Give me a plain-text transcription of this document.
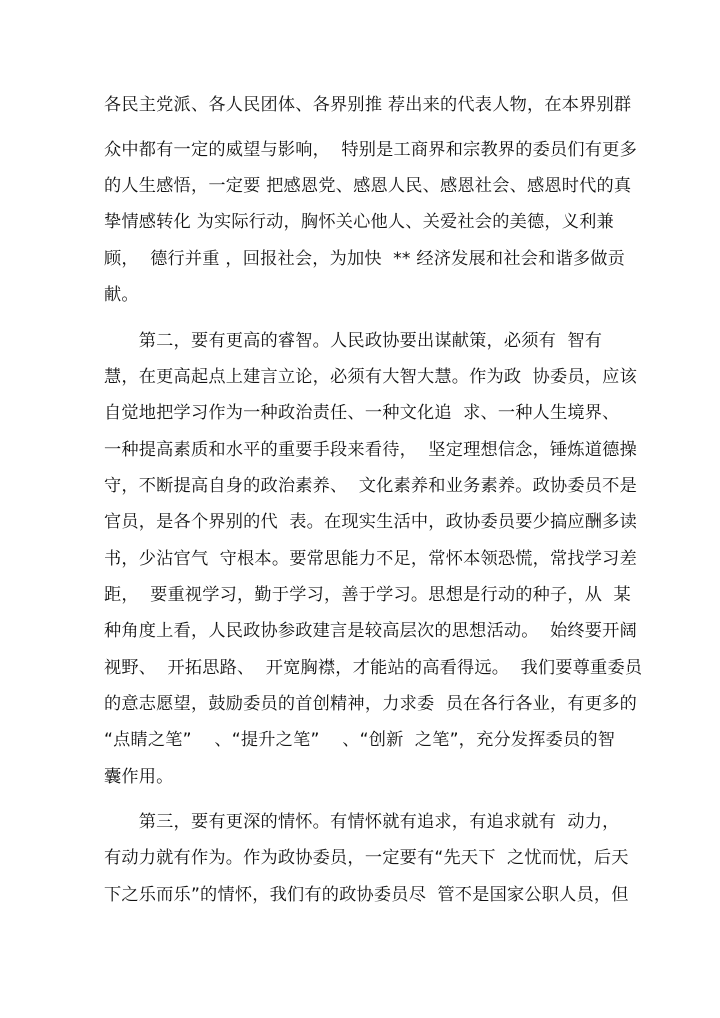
各民主党派、各人民团体、各界别推 荐出来的代表人物，在本界别群
众中都有一定的威望与影响，  特别是工商界和宗教界的委员们有更多
的人生感悟，一定要 把感恩党、感恩人民、感恩社会、感恩时代的真
挚情感转化 为实际行动，胸怀关心他人、关爱社会的美德，义利兼
顾，  德行并重 ，回报社会，为加快  ** 经济发展和社会和谐多做贡
献。
　　第二，要有更高的睿智。人民政协要出谋献策，必须有  智有
慧，在更高起点上建言立论，必须有大智大慧。作为政  协委员，应该
自觉地把学习作为一种政治责任、一种文化追  求、一种人生境界、
一种提高素质和水平的重要手段来看待，  坚定理想信念，锤炼道德操
守，不断提高自身的政治素养、  文化素养和业务素养。政协委员不是
官员，是各个界别的代  表。在现实生活中，政协委员要少搞应酬多读
书，少沾官气  守根本。要常思能力不足，常怀本领恐慌，常找学习差
距，  要重视学习，勤于学习，善于学习。思想是行动的种子，从  某
种角度上看，人民政协参政建言是较高层次的思想活动。  始终要开阔
视野、  开拓思路、  开宽胸襟，才能站的高看得远。  我们要尊重委员
的意志愿望，鼓励委员的首创精神，力求委  员在各行各业，有更多的
“点睛之笔”    、“提升之笔”    、“创新  之笔”，充分发挥委员的智
囊作用。
　　第三，要有更深的情怀。有情怀就有追求，有追求就有  动力，
有动力就有作为。作为政协委员，一定要有“先天下  之忧而忧，后天
下之乐而乐”的情怀，我们有的政协委员尽  管不是国家公职人员，但
